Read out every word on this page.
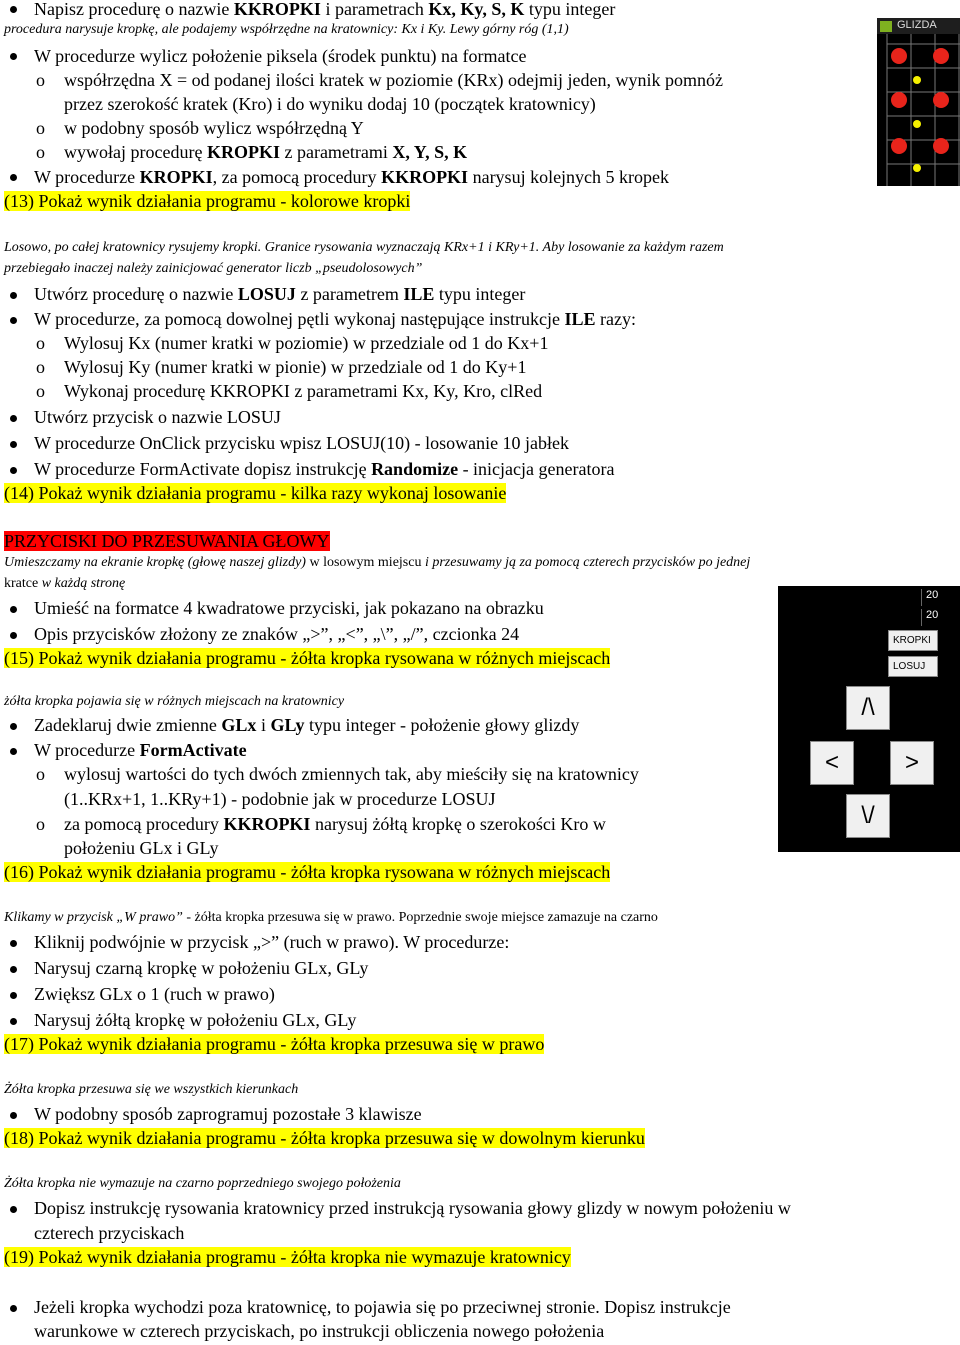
Napisz procedurę o nazwie KKROPKI i parametrach Kx, Ky, S, K typu integer
procedura narysuje kropkę, ale podajemy współrzędne na kratownicy: Kx i Ky. Lewy górny róg (1,1)
W procedurze wylicz położenie piksela (środek punktu) na formatce
o współrzędna X = od podanej ilości kratek w poziomie (KRx) odejmij jeden, wynik pomnóż
przez szerokość kratek (Kro) i do wyniku dodaj 10 (początek kratownicy)
o w podobny sposób wylicz współrzędną Y
o wywołaj procedurę KROPKI z parametrami X, Y, S, K
W procedurze KROPKI, za pomocą procedury KKROPKI narysuj kolejnych 5 kropek
(13) Pokaż wynik działania programu - kolorowe kropki
GLIZDA
Losowo, po całej kratownicy rysujemy kropki. Granice rysowania wyznaczają KRx+1 i KRy+1. Aby losowanie za każdym razem
przebiegało inaczej należy zainicjować generator liczb „pseudolosowych”
Utwórz procedurę o nazwie LOSUJ z parametrem ILE typu integer
W procedurze, za pomocą dowolnej pętli wykonaj następujące instrukcje ILE razy:
o Wylosuj Kx (numer kratki w poziomie) w przedziale od 1 do Kx+1
o Wylosuj Ky (numer kratki w pionie) w przedziale od 1 do Ky+1
o Wykonaj procedurę KKROPKI z parametrami Kx, Ky, Kro, clRed
Utwórz przycisk o nazwie LOSUJ
W procedurze OnClick przycisku wpisz LOSUJ(10) - losowanie 10 jabłek
W procedurze FormActivate dopisz instrukcję Randomize - inicjacja generatora
(14) Pokaż wynik działania programu - kilka razy wykonaj losowanie
PRZYCISKI DO PRZESUWANIA GŁOWY
Umieszczamy na ekranie kropkę (głowę naszej glizdy) w losowym miejscu i przesuwamy ją za pomocą czterech przycisków po jednej
kratce w każdą stronę
Umieść na formatce 4 kwadratowe przyciski, jak pokazano na obrazku
Opis przycisków złożony ze znaków „>”, „<”, „\”, „/”, czcionka 24
(15) Pokaż wynik działania programu - żółta kropka rysowana w różnych miejscach
20
20
KROPKI
LOSUJ
/\
<	>
\/
żółta kropka pojawia się w różnych miejscach na kratownicy
Zadeklaruj dwie zmienne GLx i GLy typu integer - położenie głowy glizdy
W procedurze FormActivate
o wylosuj wartości do tych dwóch zmiennych tak, aby mieściły się na kratownicy
(1..KRx+1, 1..KRy+1) - podobnie jak w procedurze LOSUJ
o za pomocą procedury KKROPKI narysuj żółtą kropkę o szerokości Kro w
położeniu GLx i GLy
(16) Pokaż wynik działania programu - żółta kropka rysowana w różnych miejscach
Klikamy w przycisk „W prawo” - żółta kropka przesuwa się w prawo. Poprzednie swoje miejsce zamazuje na czarno
Kliknij podwójnie w przycisk „>” (ruch w prawo). W procedurze:
Narysuj czarną kropkę w położeniu GLx, GLy
Zwiększ GLx o 1 (ruch w prawo)
Narysuj żółtą kropkę w położeniu GLx, GLy
(17) Pokaż wynik działania programu - żółta kropka przesuwa się w prawo
Żółta kropka przesuwa się we wszystkich kierunkach
W podobny sposób zaprogramuj pozostałe 3 klawisze
(18) Pokaż wynik działania programu - żółta kropka przesuwa się w dowolnym kierunku
Żółta kropka nie wymazuje na czarno poprzedniego swojego położenia
Dopisz instrukcję rysowania kratownicy przed instrukcją rysowania głowy glizdy w nowym położeniu w
czterech przyciskach
(19) Pokaż wynik działania programu - żółta kropka nie wymazuje kratownicy
Jeżeli kropka wychodzi poza kratownicę, to pojawia się po przeciwnej stronie. Dopisz instrukcje
warunkowe w czterech przyciskach, po instrukcji obliczenia nowego położenia
